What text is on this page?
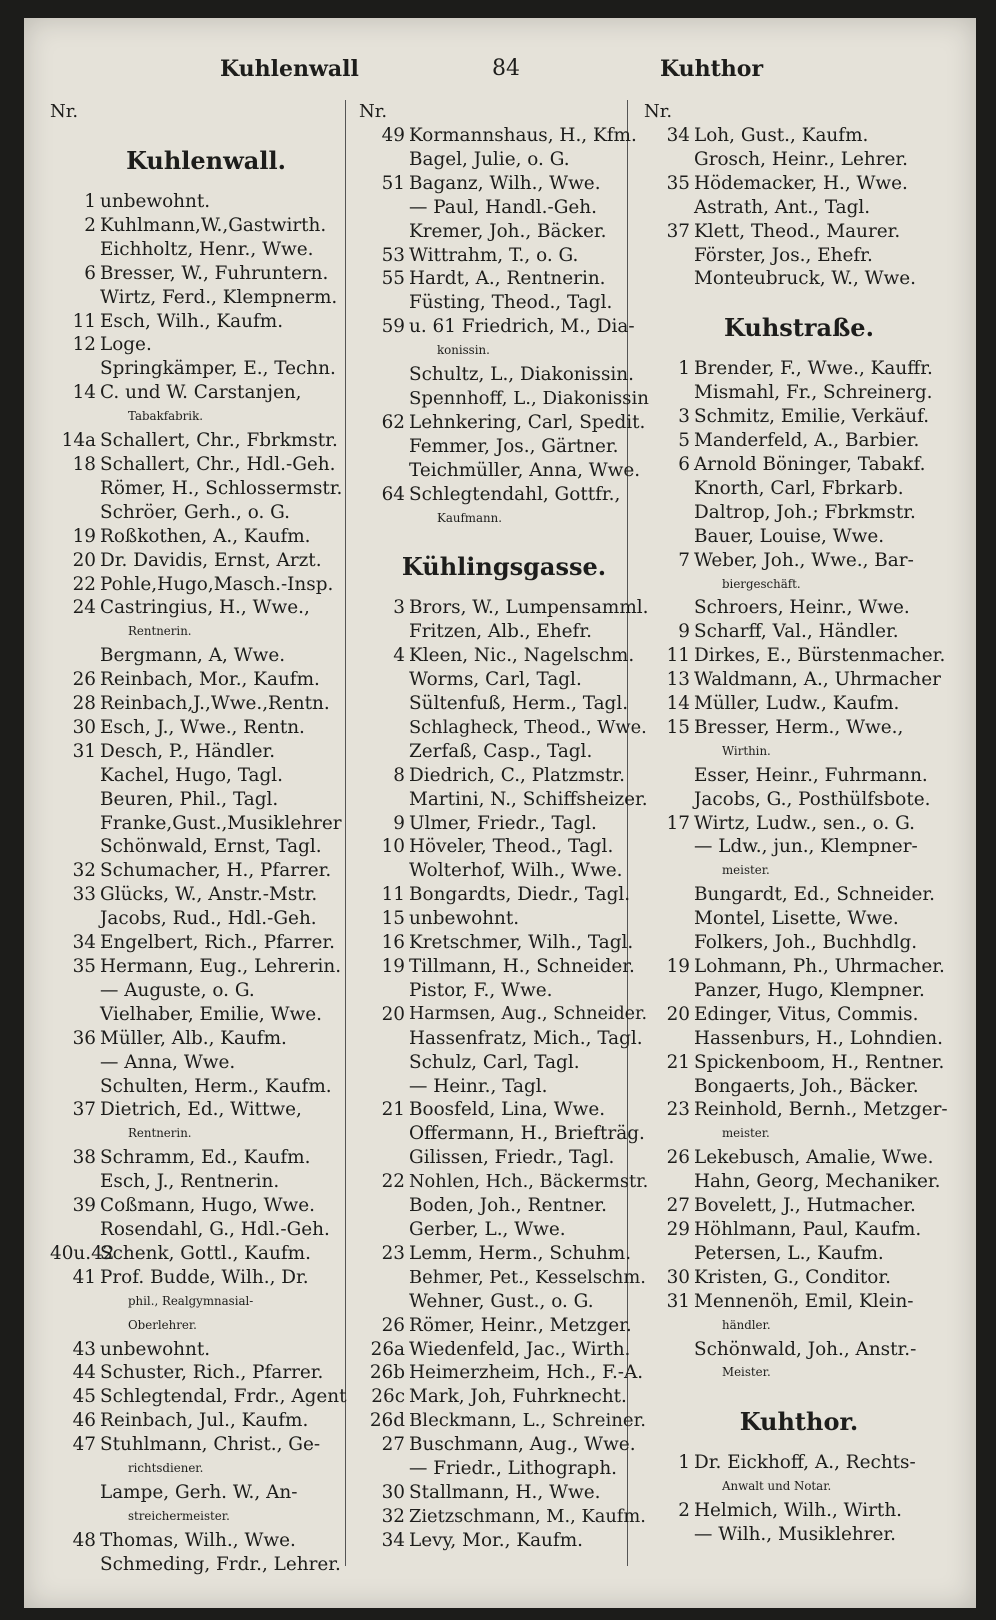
Kuhlenwall	84	Kuhthor
Nr.
Kuhlenwall.
1 unbewohnt.
2 Kuhlmann,W.,Gastwirth.
Eichholtz, Henr., Wwe.
6 Bresser, W., Fuhruntern.
Wirtz, Ferd., Klempnerm.
11 Esch, Wilh., Kaufm.
12 Loge.
Springkämper, E., Techn.
14 C. und W. Carstanjen,
Tabakfabrik.
14a Schallert, Chr., Fbrkmstr.
18 Schallert, Chr., Hdl.-Geh.
Römer, H., Schlossermstr.
Schröer, Gerh., o. G.
19 Roßkothen, A., Kaufm.
20 Dr. Davidis, Ernst, Arzt.
22 Pohle,Hugo,Masch.-Insp.
24 Castringius, H., Wwe.,
Rentnerin.
Bergmann, A, Wwe.
26 Reinbach, Mor., Kaufm.
28 Reinbach,J.,Wwe.,Rentn.
30 Esch, J., Wwe., Rentn.
31 Desch, P., Händler.
Kachel, Hugo, Tagl.
Beuren, Phil., Tagl.
Franke,Gust.,Musiklehrer
Schönwald, Ernst, Tagl.
32 Schumacher, H., Pfarrer.
33 Glücks, W., Anstr.-Mstr.
Jacobs, Rud., Hdl.-Geh.
34 Engelbert, Rich., Pfarrer.
35 Hermann, Eug., Lehrerin.
— Auguste, o. G.
Vielhaber, Emilie, Wwe.
36 Müller, Alb., Kaufm.
— Anna, Wwe.
Schulten, Herm., Kaufm.
37 Dietrich, Ed., Wittwe,
Rentnerin.
38 Schramm, Ed., Kaufm.
Esch, J., Rentnerin.
39 Coßmann, Hugo, Wwe.
Rosendahl, G., Hdl.-Geh.
40u.42
Schenk, Gottl., Kaufm.
41 Prof. Budde, Wilh., Dr.
phil., Realgymnasial-
Oberlehrer.
43 unbewohnt.
44 Schuster, Rich., Pfarrer.
45 Schlegtendal, Frdr., Agent
46 Reinbach, Jul., Kaufm.
47 Stuhlmann, Christ., Ge-
richtsdiener.
Lampe, Gerh. W., An-
streichermeister.
48 Thomas, Wilh., Wwe.
Schmeding, Frdr., Lehrer.
Nr.
49 Kormannshaus, H., Kfm.
Bagel, Julie, o. G.
51 Baganz, Wilh., Wwe.
— Paul, Handl.-Geh.
Kremer, Joh., Bäcker.
53 Wittrahm, T., o. G.
55 Hardt, A., Rentnerin.
Füsting, Theod., Tagl.
59 u. 61 Friedrich, M., Dia-
konissin.
Schultz, L., Diakonissin.
Spennhoff, L., Diakonissin
62 Lehnkering, Carl, Spedit.
Femmer, Jos., Gärtner.
Teichmüller, Anna, Wwe.
64 Schlegtendahl, Gottfr.,
Kaufmann.
Kühlingsgasse.
3 Brors, W., Lumpensamml.
Fritzen, Alb., Ehefr.
4 Kleen, Nic., Nagelschm.
Worms, Carl, Tagl.
Sültenfuß, Herm., Tagl.
Schlagheck, Theod., Wwe.
Zerfaß, Casp., Tagl.
8 Diedrich, C., Platzmstr.
Martini, N., Schiffsheizer.
9 Ulmer, Friedr., Tagl.
10 Höveler, Theod., Tagl.
Wolterhof, Wilh., Wwe.
11 Bongardts, Diedr., Tagl.
15 unbewohnt.
16 Kretschmer, Wilh., Tagl.
19 Tillmann, H., Schneider.
Pistor, F., Wwe.
20 Harmsen, Aug., Schneider.
Hassenfratz, Mich., Tagl.
Schulz, Carl, Tagl.
— Heinr., Tagl.
21 Boosfeld, Lina, Wwe.
Offermann, H., Briefträg.
Gilissen, Friedr., Tagl.
22 Nohlen, Hch., Bäckermstr.
Boden, Joh., Rentner.
Gerber, L., Wwe.
23 Lemm, Herm., Schuhm.
Behmer, Pet., Kesselschm.
Wehner, Gust., o. G.
26 Römer, Heinr., Metzger.
26a Wiedenfeld, Jac., Wirth.
26b Heimerzheim, Hch., F.-A.
26c Mark, Joh, Fuhrknecht.
26d Bleckmann, L., Schreiner.
27 Buschmann, Aug., Wwe.
— Friedr., Lithograph.
30 Stallmann, H., Wwe.
32 Zietzschmann, M., Kaufm.
34 Levy, Mor., Kaufm.
Nr.
34 Loh, Gust., Kaufm.
Grosch, Heinr., Lehrer.
35 Hödemacker, H., Wwe.
Astrath, Ant., Tagl.
37 Klett, Theod., Maurer.
Förster, Jos., Ehefr.
Monteubruck, W., Wwe.
Kuhstraße.
1 Brender, F., Wwe., Kauffr.
Mismahl, Fr., Schreinerg.
3 Schmitz, Emilie, Verkäuf.
5 Manderfeld, A., Barbier.
6 Arnold Böninger, Tabakf.
Knorth, Carl, Fbrkarb.
Daltrop, Joh.; Fbrkmstr.
Bauer, Louise, Wwe.
7 Weber, Joh., Wwe., Bar-
biergeschäft.
Schroers, Heinr., Wwe.
9 Scharff, Val., Händler.
11 Dirkes, E., Bürstenmacher.
13 Waldmann, A., Uhrmacher
14 Müller, Ludw., Kaufm.
15 Bresser, Herm., Wwe.,
Wirthin.
Esser, Heinr., Fuhrmann.
Jacobs, G., Posthülfsbote.
17 Wirtz, Ludw., sen., o. G.
— Ldw., jun., Klempner-
meister.
Bungardt, Ed., Schneider.
Montel, Lisette, Wwe.
Folkers, Joh., Buchhdlg.
19 Lohmann, Ph., Uhrmacher.
Panzer, Hugo, Klempner.
20 Edinger, Vitus, Commis.
Hassenburs, H., Lohndien.
21 Spickenboom, H., Rentner.
Bongaerts, Joh., Bäcker.
23 Reinhold, Bernh., Metzger-
meister.
26 Lekebusch, Amalie, Wwe.
Hahn, Georg, Mechaniker.
27 Bovelett, J., Hutmacher.
29 Höhlmann, Paul, Kaufm.
Petersen, L., Kaufm.
30 Kristen, G., Conditor.
31 Mennenöh, Emil, Klein-
händler.
Schönwald, Joh., Anstr.-
Meister.
Kuhthor.
1 Dr. Eickhoff, A., Rechts-
Anwalt und Notar.
2 Helmich, Wilh., Wirth.
— Wilh., Musiklehrer.
